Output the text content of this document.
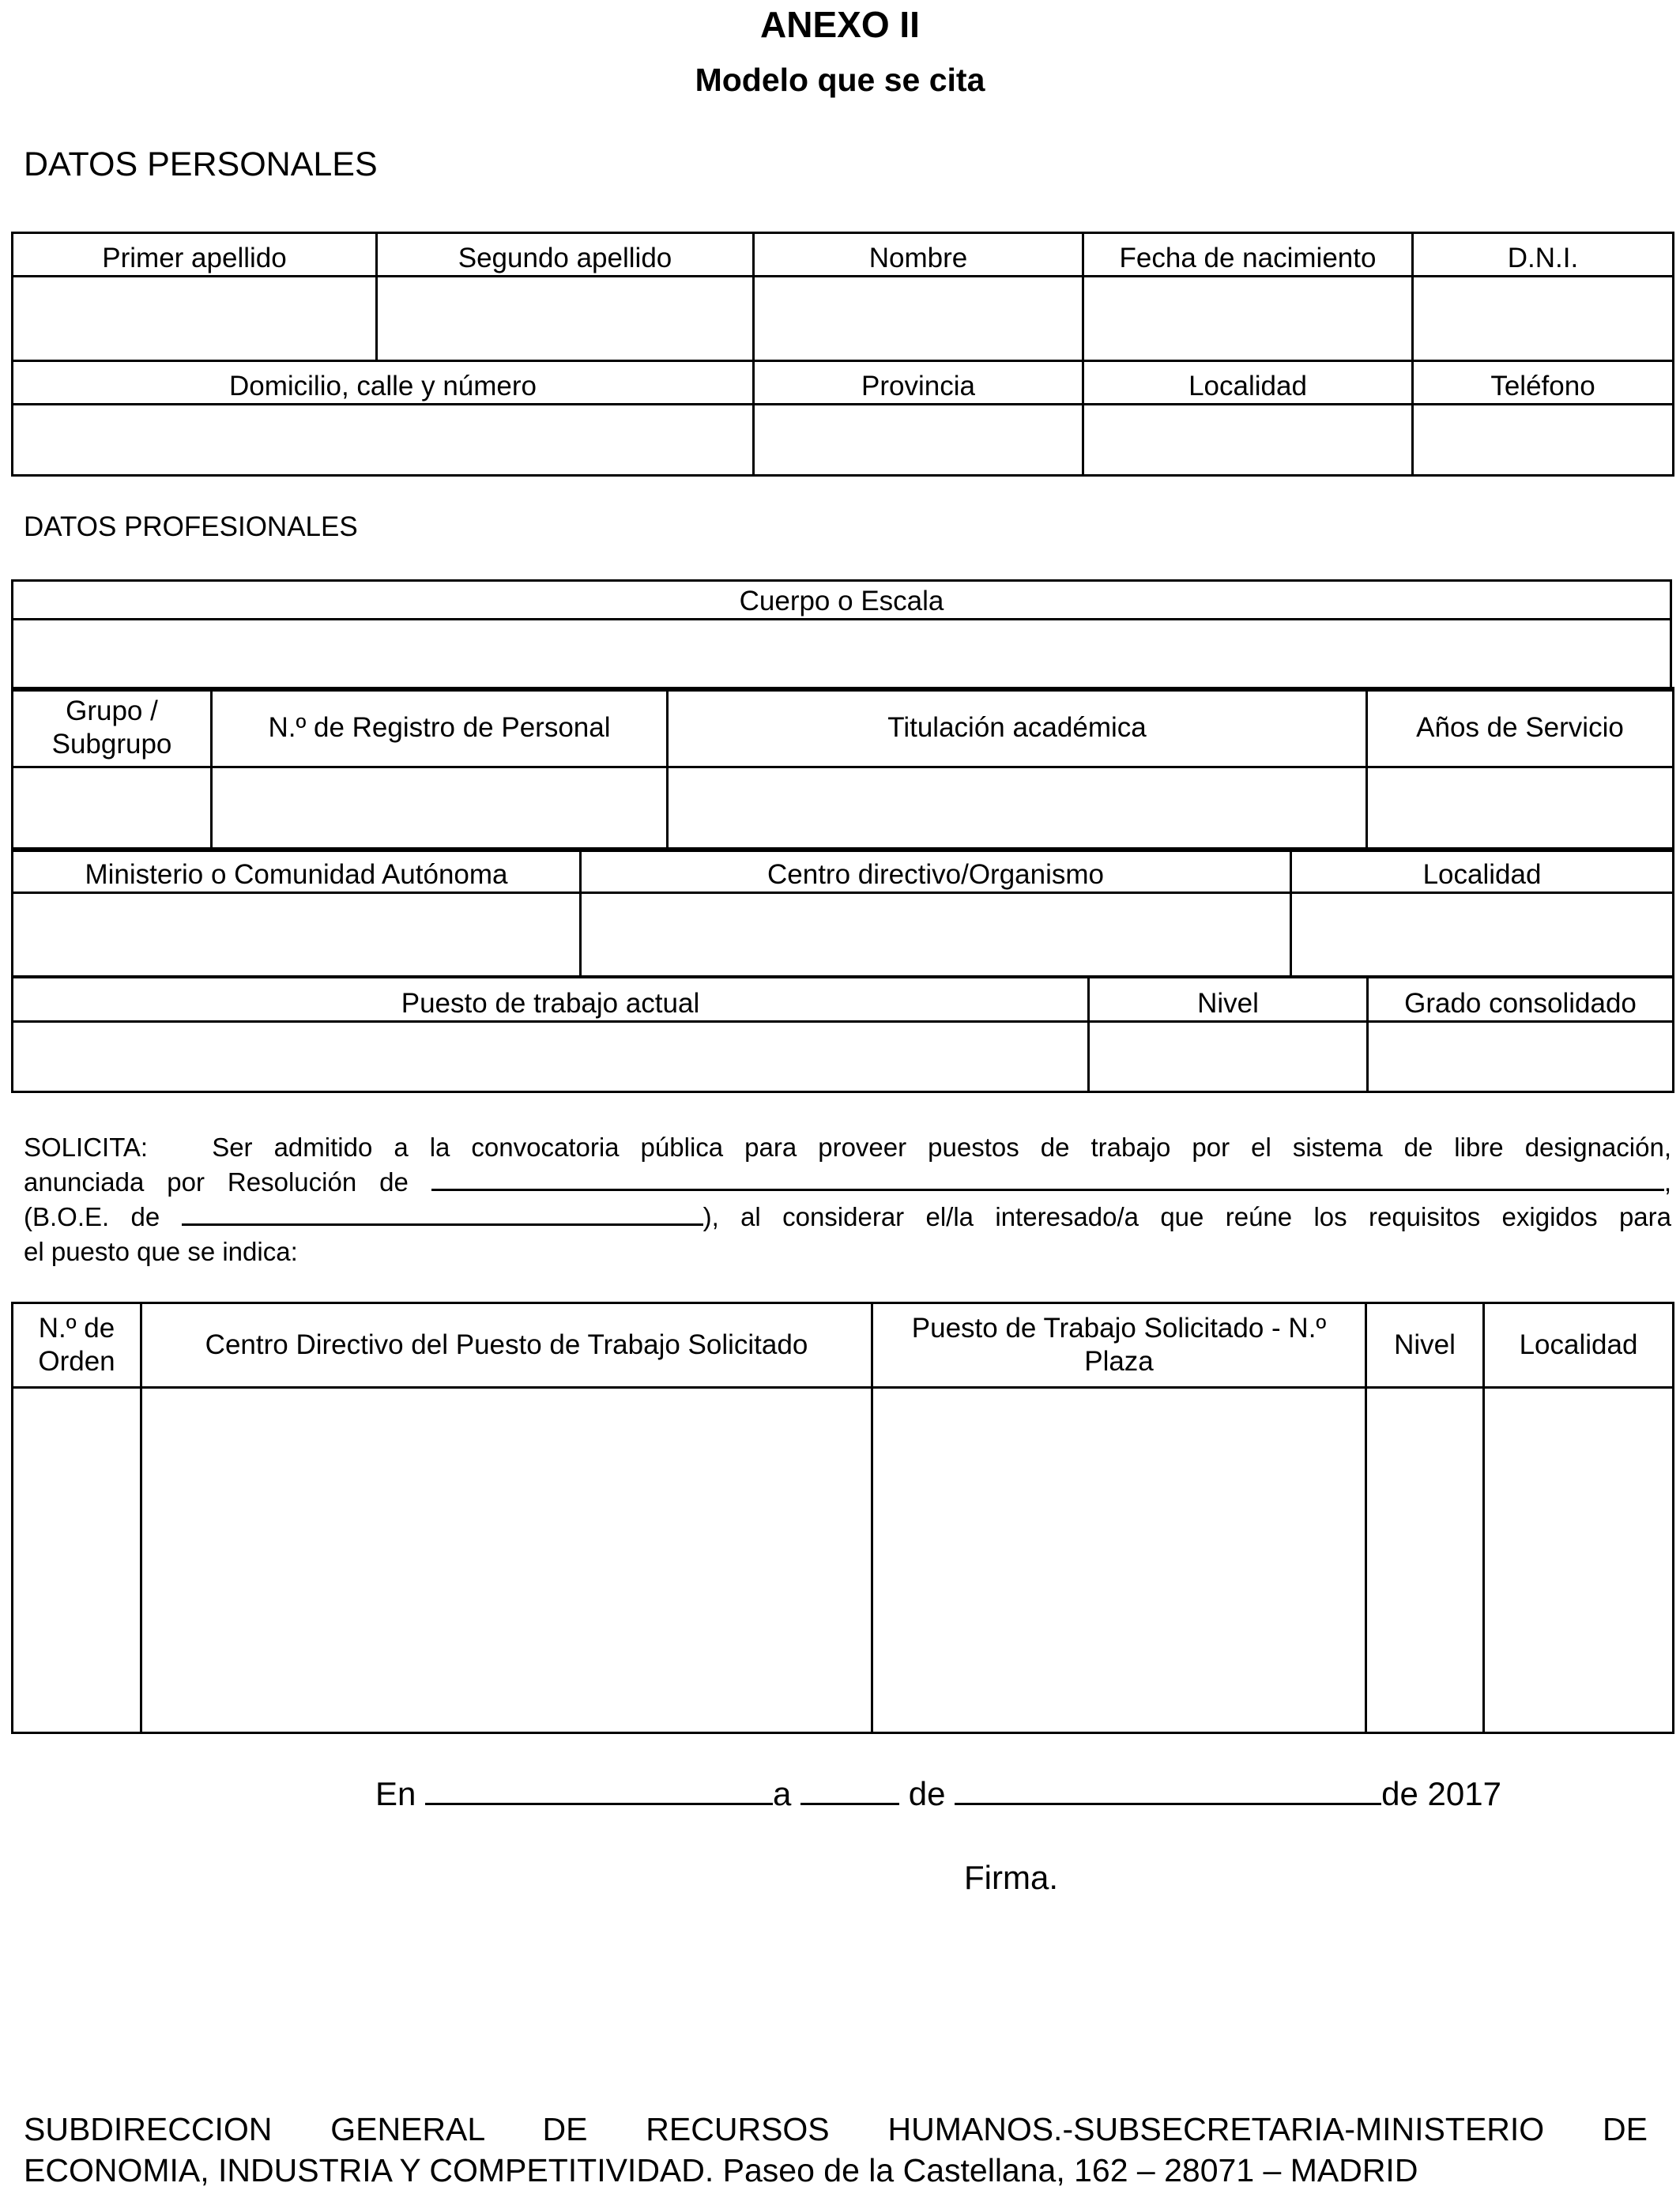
ANEXO II
Modelo que se cita
DATOS PERSONALES
Primer apellido	Segundo apellido	Nombre	Fecha de nacimiento	D.N.I.

Domicilio, calle y número		Provincia	Localidad	Teléfono

DATOS PROFESIONALES
Cuerpo o Escala

Grupo / Subgrupo	N.º de Registro de Personal	Titulación académica	Años de Servicio

Ministerio o Comunidad Autónoma	Centro directivo/Organismo	Localidad

Puesto de trabajo actual	Nivel	Grado consolidado

SOLICITA: Ser admitido a la convocatoria pública para proveer puestos de trabajo por el sistema de libre designación,
anunciada por Resolución de	,
(B.O.E. de	), al considerar el/la interesado/a que reúne los requisitos exigidos para
el puesto que se indica:
N.º de Orden	Centro Directivo del Puesto de Trabajo Solicitado	Puesto de Trabajo Solicitado - N.º Plaza	Nivel	Localidad

En	a	de	de 2017
Firma.
SUBDIRECCION GENERAL DE RECURSOS HUMANOS.-SUBSECRETARIA-MINISTERIO DE
ECONOMIA, INDUSTRIA Y COMPETITIVIDAD. Paseo de la Castellana, 162 – 28071 – MADRID
